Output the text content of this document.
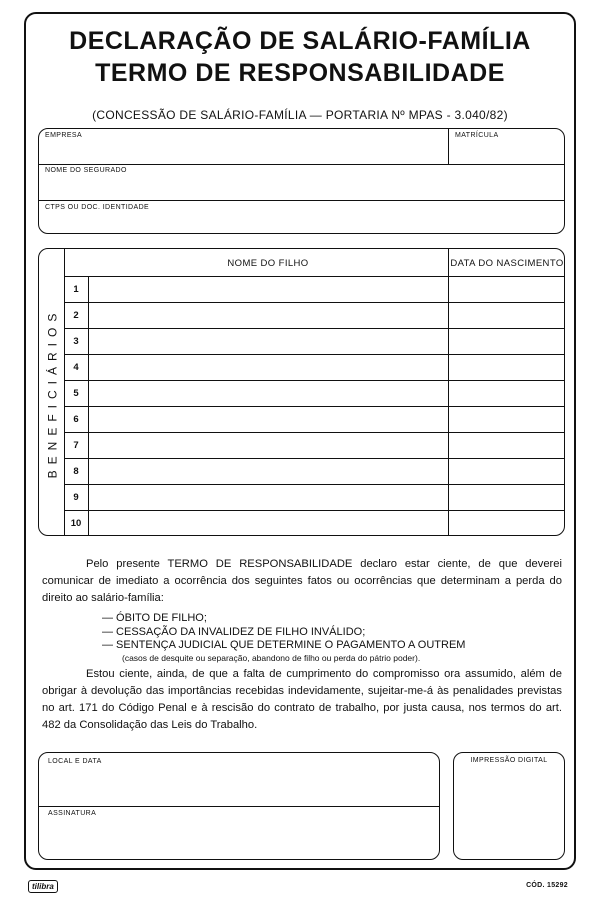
DECLARAÇÃO DE SALÁRIO-FAMÍLIA
TERMO DE RESPONSABILIDADE
(CONCESSÃO DE SALÁRIO-FAMÍLIA — PORTARIA Nº MPAS - 3.040/82)
EMPRESA	MATRÍCULA
NOME DO SEGURADO
CTPS OU DOC. IDENTIDADE
NOME DO FILHO	DATA DO NASCIMENTO
BENEFICIÁRIOS
1
2
3
4
5
6
7
8
9
10

Pelo presente TERMO DE RESPONSABILIDADE declaro estar ciente, de que deverei comunicar de imediato a ocorrência dos seguintes fatos ou ocorrências que determinam a perda do direito ao salário-família:

— ÓBITO DE FILHO;

— CESSAÇÃO DA INVALIDEZ DE FILHO INVÁLIDO;

— SENTENÇA JUDICIAL QUE DETERMINE O PAGAMENTO A OUTREM

(casos de desquite ou separação, abandono de filho ou perda do pátrio poder).

Estou ciente, ainda, de que a falta de cumprimento do compromisso ora assumido, além de obrigar à devolução das importâncias recebidas indevidamente, sujeitar-me-á às penalidades previstas no art. 171 do Código Penal e à rescisão do contrato de trabalho, por justa causa, nos termos do art. 482 da Consolidação das Leis do Trabalho.

LOCAL E DATA
ASSINATURA
IMPRESSÃO DIGITAL
tilibra	CÓD. 15292
